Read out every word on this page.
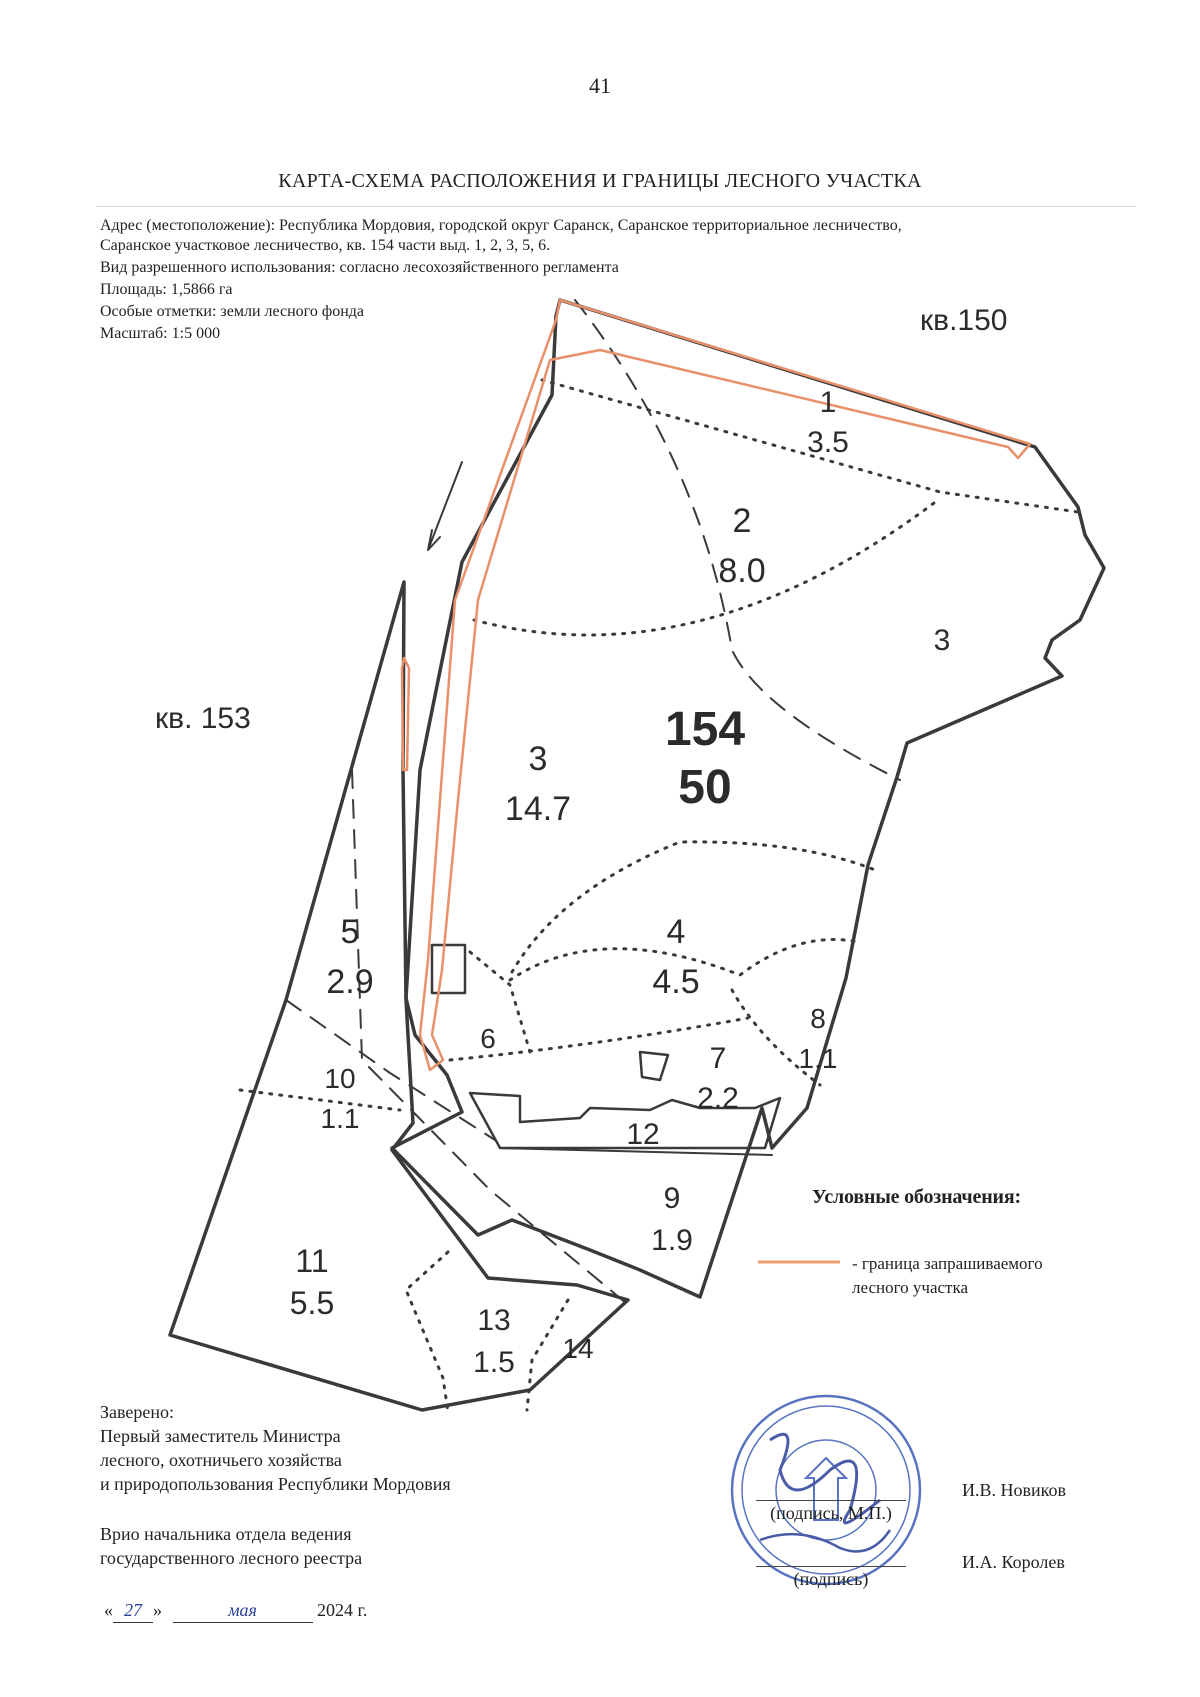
41
КАРТА-СХЕМА РАСПОЛОЖЕНИЯ И ГРАНИЦЫ ЛЕСНОГО УЧАСТКА
Адрес (местоположение): Республика Мордовия, городской округ Саранск, Саранское территориальное лесничество,
Саранское участковое лесничество, кв. 154 части выд. 1, 2, 3, 5, 6.
Вид разрешенного использования: согласно лесохозяйственного регламента
Площадь: 1,5866 га
Особые отметки: земли лесного фонда
Масштаб: 1:5 000	кв.150
кв. 153	154
50
1
3.5
2
8.0
3
3
14.7
4
4.5
5
2.9
6
7
2.2
8
1.1
9
1.9
10
1.1
11
5.5
12
13
1.5 14
Условные обозначения:
- граница запрашиваемого
лесного участка
Заверено:
Первый заместитель Министра
лесного, охотничьего хозяйства
и природопользования Республики Мордовия
Врио начальника отдела ведения
государственного лесного реестра
И.В. Новиков
И.А. Королев
(подпись, М.П.)
(подпись)
« 27 »	мая	2024 г.
